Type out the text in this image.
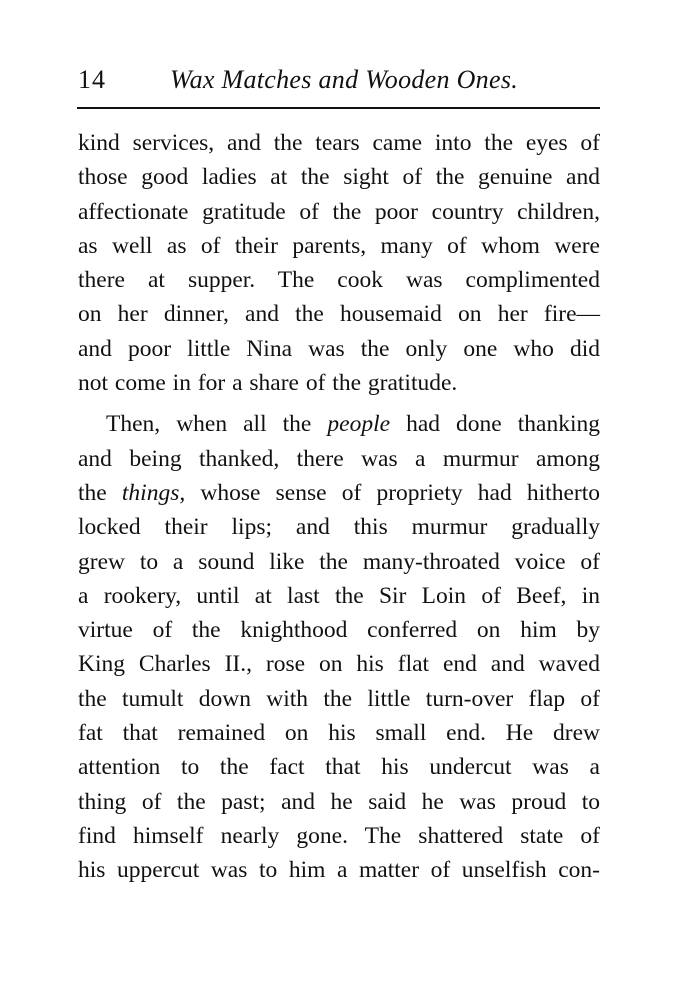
14 Wax Matches and Wooden Ones.
kind services, and the tears came into the eyes of
those good ladies at the sight of the genuine and
affectionate gratitude of the poor country children,
as well as of their parents, many of whom were
there at supper. The cook was complimented
on her dinner, and the housemaid on her fire—
and poor little Nina was the only one who did
not come in for a share of the gratitude.
Then, when all the people had done thanking
and being thanked, there was a murmur among
the things, whose sense of propriety had hitherto
locked their lips; and this murmur gradually
grew to a sound like the many-throated voice of
a rookery, until at last the Sir Loin of Beef, in
virtue of the knighthood conferred on him by
King Charles II., rose on his flat end and waved
the tumult down with the little turn-over flap of
fat that remained on his small end. He drew
attention to the fact that his undercut was a
thing of the past; and he said he was proud to
find himself nearly gone. The shattered state of
his uppercut was to him a matter of unselfish con-
